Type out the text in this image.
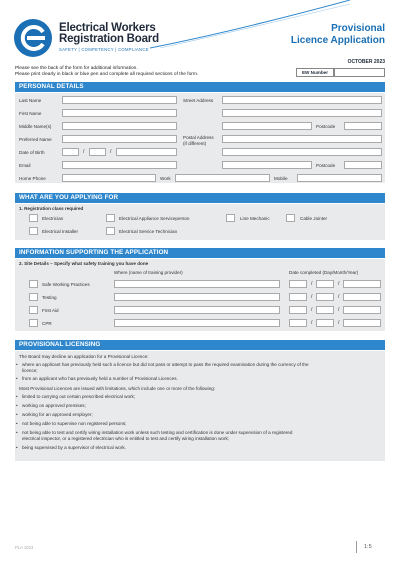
Electrical Workers
Registration Board
SAFETY | COMPETENCY | COMPLIANCE
Provisional
Licence Application
OCTOBER 2023
Please see the back of the form for additional information.
Please print clearly in black or blue pen and complete all required sections of the form.	EW Number
PERSONAL DETAILS
Last Name	Street Address
First Name
Middle Name(s)	Postcode
Preferred Name	Postal Address
(if different)
Date of Birth	/	/
Email	Postcode
Home Phone	Work	Mobile
WHAT ARE YOU APPLYING FOR
1. Registration class required
Electrician	Electrical Appliance Serviceperson	Line Mechanic	Cable Jointer
Electrical Installer	Electrical Service Technician
INFORMATION SUPPORTING THE APPLICATION
2. Site Details – Specify what safety training you have done
Where (name of training provider)	Date completed (Day/Month/Year)
Safe Working Practices	/	/
Testing	/	/
First Aid	/	/
CPR	/	/
PROVISIONAL LICENSING
The Board may decline an application for a Provisional Licence:
• where an applicant has previously held such a licence but did not pass or attempt to pass the required examination during the currency of the
licence;
• from an applicant who has previously held a number of Provisional Licences.
Most Provisional Licences are issued with limitations, which include one or more of the following:
• limited to carrying out certain prescribed electrical work;
• working on approved premises;
• working for an approved employer;
• not being able to supervise non registered persons;
• not being able to test and certify wiring installation work unless such testing and certification is done under supervision of a registered
electrical inspector, or a registered electrician who is entitled to test and certify wiring installation work;
• being supervised by a supervisor of electrical work.
PLA 1023	1:5
